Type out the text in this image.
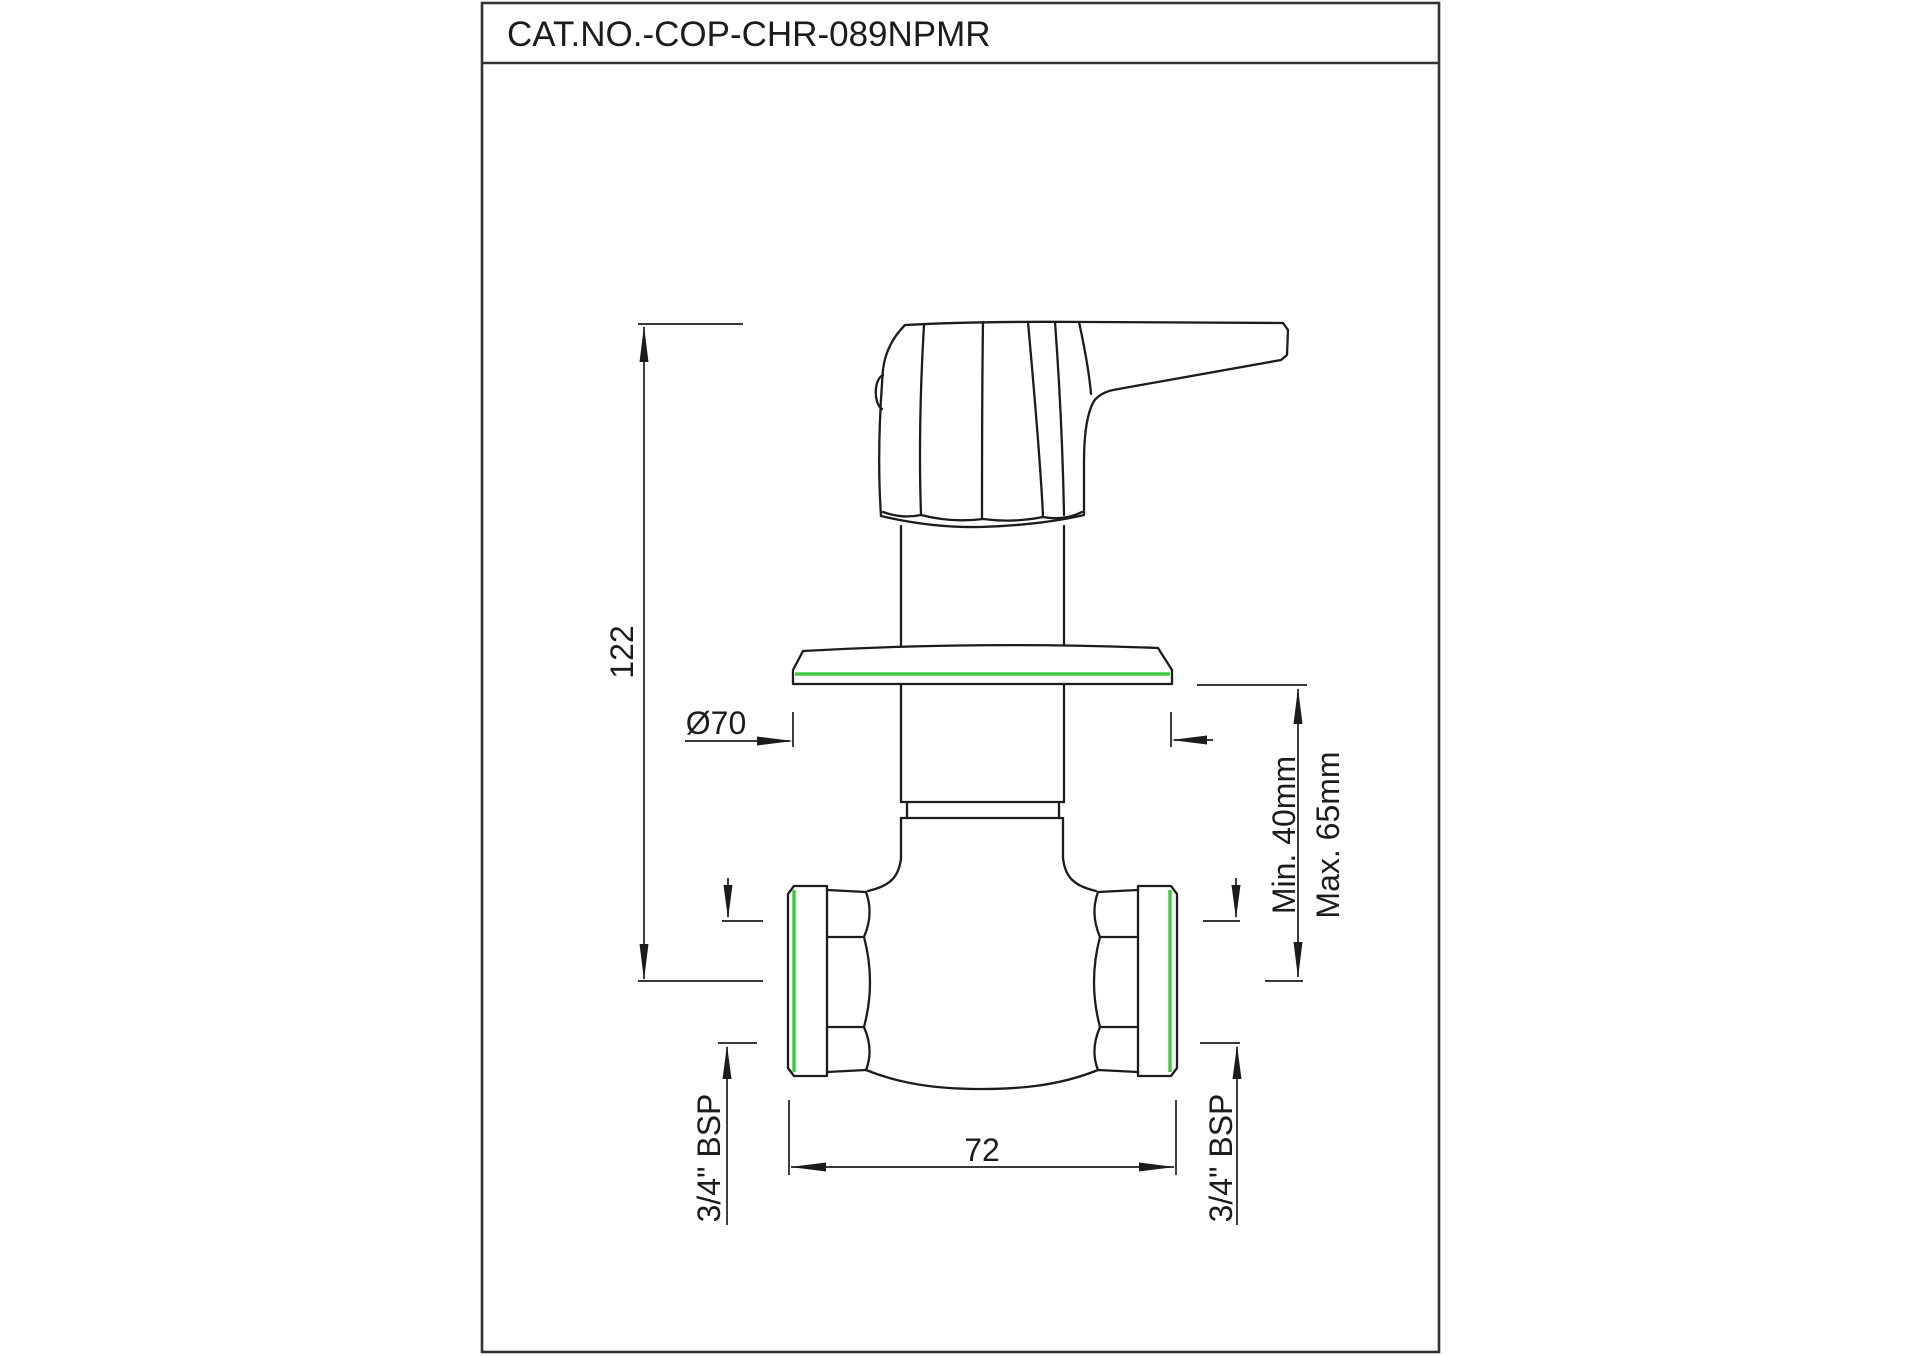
CAT.NO.-COP-CHR-089NPMR
122
Ø70
Min. 40mm Max. 65mm
72
3/4" BSP	3/4" BSP
